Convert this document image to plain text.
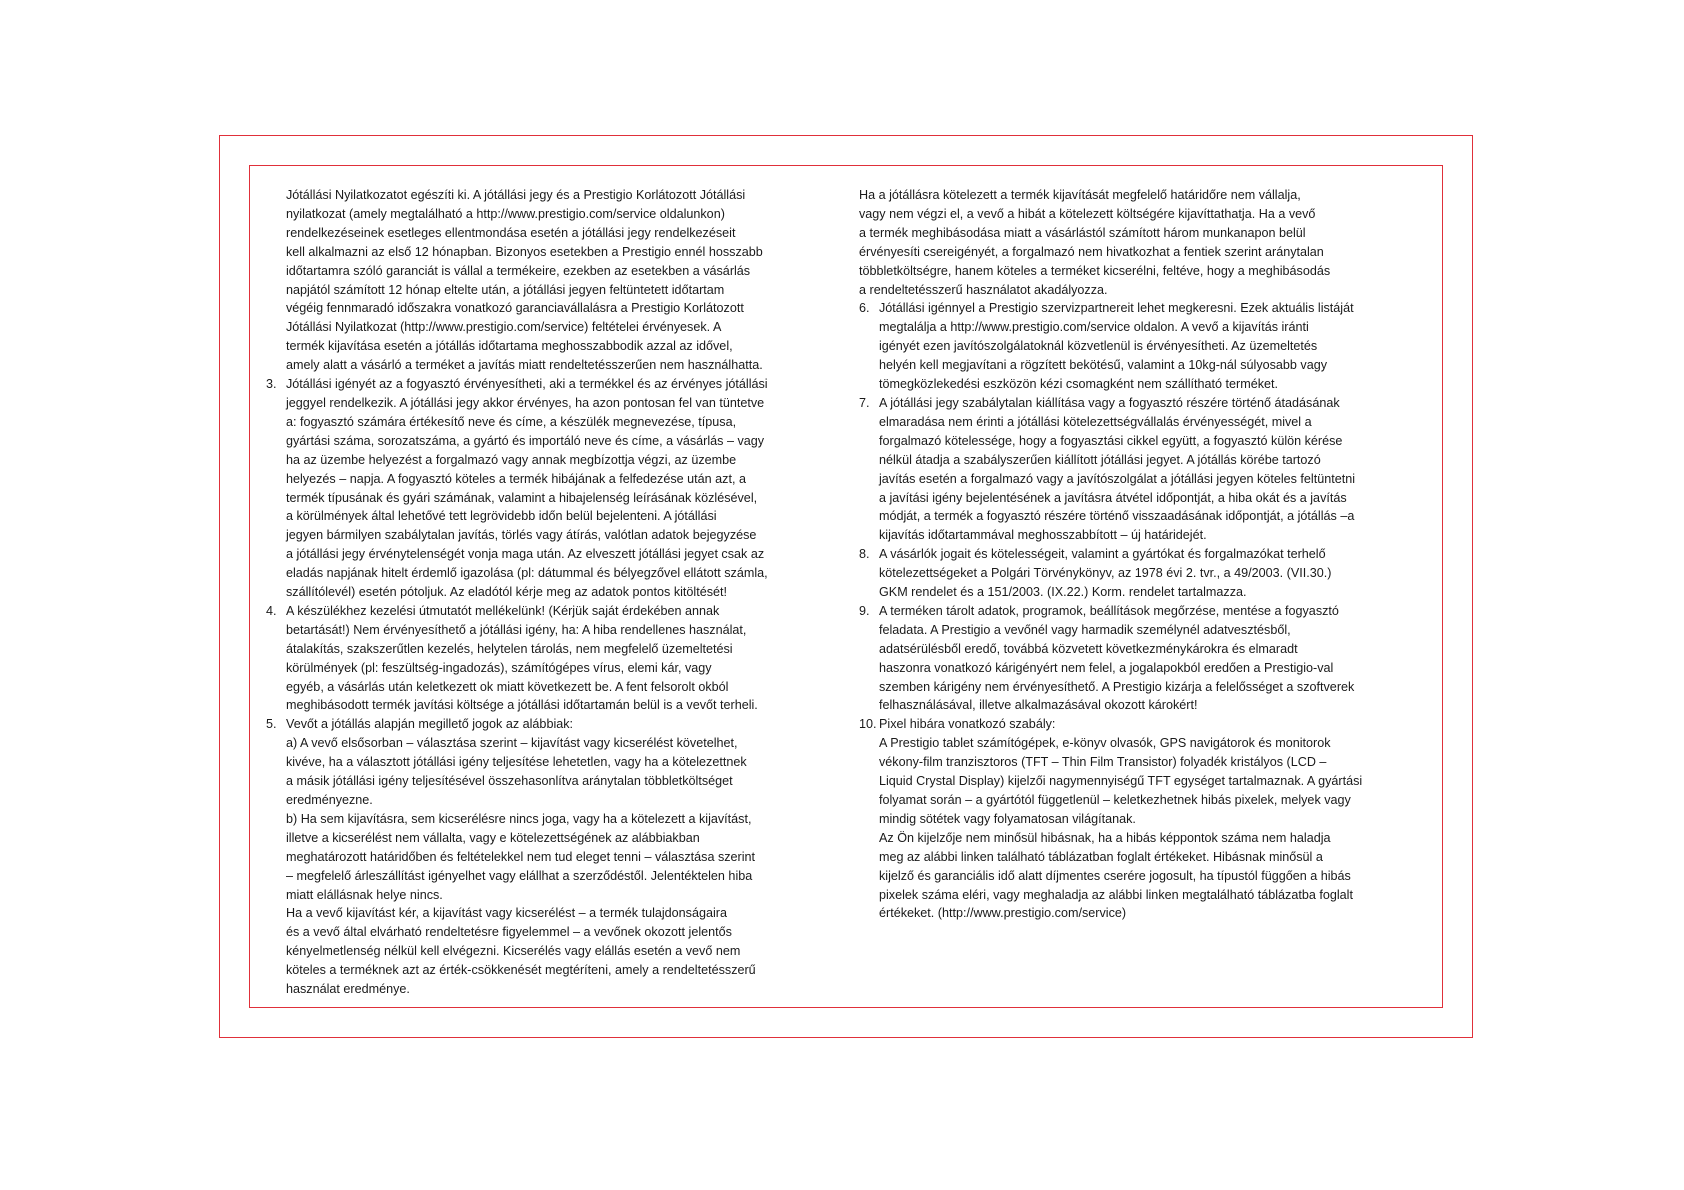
Jótállási Nyilatkozatot egészíti ki. A jótállási jegy és a Prestigio Korlátozott Jótállási
nyilatkozat (amely megtalálható a http://www.prestigio.com/service oldalunkon)
rendelkezéseinek esetleges ellentmondása esetén a jótállási jegy rendelkezéseit
kell alkalmazni az első 12 hónapban. Bizonyos esetekben a Prestigio ennél hosszabb
időtartamra szóló garanciát is vállal a termékeire, ezekben az esetekben a vásárlás
napjától számított 12 hónap eltelte után, a jótállási jegyen feltüntetett időtartam
végéig fennmaradó időszakra vonatkozó garanciavállalásra a Prestigio Korlátozott
Jótállási Nyilatkozat (http://www.prestigio.com/service) feltételei érvényesek. A
termék kijavítása esetén a jótállás időtartama meghosszabbodik azzal az idővel,
amely alatt a vásárló a terméket a javítás miatt rendeltetésszerűen nem használhatta.
3. Jótállási igényét az a fogyasztó érvényesítheti, aki a termékkel és az érvényes jótállási
jeggyel rendelkezik. A jótállási jegy akkor érvényes, ha azon pontosan fel van tüntetve
a: fogyasztó számára értékesítő neve és címe, a készülék megnevezése, típusa,
gyártási száma, sorozatszáma, a gyártó és importáló neve és címe, a vásárlás – vagy
ha az üzembe helyezést a forgalmazó vagy annak megbízottja végzi, az üzembe
helyezés – napja. A fogyasztó köteles a termék hibájának a felfedezése után azt, a
termék típusának és gyári számának, valamint a hibajelenség leírásának közlésével,
a körülmények által lehetővé tett legrövidebb időn belül bejelenteni. A jótállási
jegyen bármilyen szabálytalan javítás, törlés vagy átírás, valótlan adatok bejegyzése
a jótállási jegy érvénytelenségét vonja maga után. Az elveszett jótállási jegyet csak az
eladás napjának hitelt érdemlő igazolása (pl: dátummal és bélyegzővel ellátott számla,
szállítólevél) esetén pótoljuk. Az eladótól kérje meg az adatok pontos kitöltését!
4. A készülékhez kezelési útmutatót mellékelünk! (Kérjük saját érdekében annak
betartását!) Nem érvényesíthető a jótállási igény, ha: A hiba rendellenes használat,
átalakítás, szakszerűtlen kezelés, helytelen tárolás, nem megfelelő üzemeltetési
körülmények (pl: feszültség-ingadozás), számítógépes vírus, elemi kár, vagy
egyéb, a vásárlás után keletkezett ok miatt következett be. A fent felsorolt okból
meghibásodott termék javítási költsége a jótállási időtartamán belül is a vevőt terheli.
5. Vevőt a jótállás alapján megillető jogok az alábbiak:
a) A vevő elsősorban – választása szerint – kijavítást vagy kicserélést követelhet,
kivéve, ha a választott jótállási igény teljesítése lehetetlen, vagy ha a kötelezettnek
a másik jótállási igény teljesítésével összehasonlítva aránytalan többletköltséget
eredményezne.
b) Ha sem kijavításra, sem kicserélésre nincs joga, vagy ha a kötelezett a kijavítást,
illetve a kicserélést nem vállalta, vagy e kötelezettségének az alábbiakban
meghatározott határidőben és feltételekkel nem tud eleget tenni – választása szerint
– megfelelő árleszállítást igényelhet vagy elállhat a szerződéstől. Jelentéktelen hiba
miatt elállásnak helye nincs.
Ha a vevő kijavítást kér, a kijavítást vagy kicserélést – a termék tulajdonságaira
és a vevő által elvárható rendeltetésre figyelemmel – a vevőnek okozott jelentős
kényelmetlenség nélkül kell elvégezni. Kicserélés vagy elállás esetén a vevő nem
köteles a terméknek azt az érték-csökkenését megtéríteni, amely a rendeltetésszerű
használat eredménye.
Ha a jótállásra kötelezett a termék kijavítását megfelelő határidőre nem vállalja,
vagy nem végzi el, a vevő a hibát a kötelezett költségére kijavíttathatja. Ha a vevő
a termék meghibásodása miatt a vásárlástól számított három munkanapon belül
érvényesíti csereigényét, a forgalmazó nem hivatkozhat a fentiek szerint aránytalan
többletköltségre, hanem köteles a terméket kicserélni, feltéve, hogy a meghibásodás
a rendeltetésszerű használatot akadályozza.
6. Jótállási igénnyel a Prestigio szervizpartnereit lehet megkeresni. Ezek aktuális listáját
megtalálja a http://www.prestigio.com/service oldalon. A vevő a kijavítás iránti
igényét ezen javítószolgálatoknál közvetlenül is érvényesítheti. Az üzemeltetés
helyén kell megjavítani a rögzített bekötésű, valamint a 10kg-nál súlyosabb vagy
tömegközlekedési eszközön kézi csomagként nem szállítható terméket.
7. A jótállási jegy szabálytalan kiállítása vagy a fogyasztó részére történő átadásának
elmaradása nem érinti a jótállási kötelezettségvállalás érvényességét, mivel a
forgalmazó kötelessége, hogy a fogyasztási cikkel együtt, a fogyasztó külön kérése
nélkül átadja a szabályszerűen kiállított jótállási jegyet. A jótállás körébe tartozó
javítás esetén a forgalmazó vagy a javítószolgálat a jótállási jegyen köteles feltüntetni
a javítási igény bejelentésének a javításra átvétel időpontját, a hiba okát és a javítás
módját, a termék a fogyasztó részére történő visszaadásának időpontját, a jótállás –a
kijavítás időtartammával meghosszabbított – új határidejét.
8. A vásárlók jogait és kötelességeit, valamint a gyártókat és forgalmazókat terhelő
kötelezettségeket a Polgári Törvénykönyv, az 1978 évi 2. tvr., a 49/2003. (VII.30.)
GKM rendelet és a 151/2003. (IX.22.) Korm. rendelet tartalmazza.
9. A terméken tárolt adatok, programok, beállítások megőrzése, mentése a fogyasztó
feladata. A Prestigio a vevőnél vagy harmadik személynél adatvesztésből,
adatsérülésből eredő, továbbá közvetett következménykárokra és elmaradt
haszonra vonatkozó kárigényért nem felel, a jogalapokból eredően a Prestigio-val
szemben kárigény nem érvényesíthető. A Prestigio kizárja a felelősséget a szoftverek
felhasználásával, illetve alkalmazásával okozott károkért!
10. Pixel hibára vonatkozó szabály:
A Prestigio tablet számítógépek, e-könyv olvasók, GPS navigátorok és monitorok
vékony-film tranzisztoros (TFT – Thin Film Transistor) folyadék kristályos (LCD –
Liquid Crystal Display) kijelzői nagymennyiségű TFT egységet tartalmaznak. A gyártási
folyamat során – a gyártótól függetlenül – keletkezhetnek hibás pixelek, melyek vagy
mindig sötétek vagy folyamatosan világítanak.
Az Ön kijelzője nem minősül hibásnak, ha a hibás képpontok száma nem haladja
meg az alábbi linken található táblázatban foglalt értékeket. Hibásnak minősül a
kijelző és garanciális idő alatt díjmentes cserére jogosult, ha típustól függően a hibás
pixelek száma eléri, vagy meghaladja az alábbi linken megtalálható táblázatba foglalt
értékeket. (http://www.prestigio.com/service)
